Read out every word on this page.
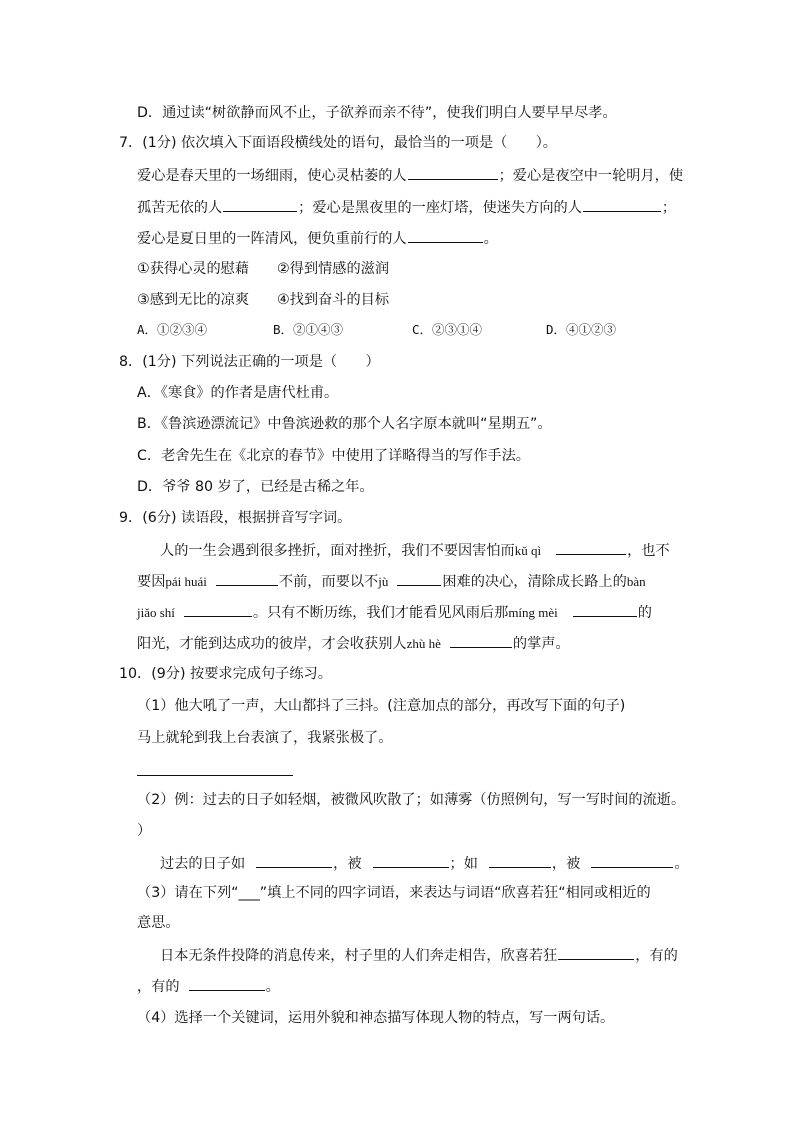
D．通过读“树欲静而风不止，子欲养而亲不待”，使我们明白人要早早尽孝。
7．(1分) 依次填入下面语段横线处的语句，最恰当的一项是（　　）。
爱心是春天里的一场细雨，使心灵枯萎的人	；爱心是夜空中一轮明月，使
孤苦无依的人	；爱心是黑夜里的一座灯塔，使迷失方向的人	；
爱心是夏日里的一阵清风，便负重前行的人	。
①获得心灵的慰藉 ②得到情感的滋润
③感到无比的凉爽 ④找到奋斗的目标
A．①②③④	B．②①④③	C．②③①④	D．④①②③
8．(1分) 下列说法正确的一项是（　　）
A．《寒食》的作者是唐代杜甫。
B．《鲁滨逊漂流记》中鲁滨逊救的那个人名字原本就叫“星期五”。
C．老舍先生在《北京的春节》中使用了详略得当的写作手法。
D．爷爷 80 岁了，已经是古稀之年。
9．(6分) 读语段，根据拼音写字词。
人的一生会遇到很多挫折，面对挫折，我们不要因害怕而kǔ qì	，也不
要因pái huái	不前，而要以不jù	困难的决心，清除成长路上的bàn
jiǎo shí	。只有不断历练，我们才能看见风雨后那míng mèi	的
阳光，才能到达成功的彼岸，才会收获别人zhù hè	的掌声。
10．(9分) 按要求完成句子练习。
（1）他大吼了一声，大山都抖了三抖。(注意加点的部分，再改写下面的句子)
马上就轮到我上台表演了，我紧张极了。
（2）例：过去的日子如轻烟，被微风吹散了；如薄雾（仿照例句，写一写时间的流逝。
）
过去的日子如	，被	；如	，被	。
（3）请在下列“___”填上不同的四字词语，来表达与词语“欣喜若狂“相同或相近的
意思。
日本无条件投降的消息传来，村子里的人们奔走相告，欣喜若狂	，有的
，有的	。
（4）选择一个关键词，运用外貌和神态描写体现人物的特点，写一两句话。
